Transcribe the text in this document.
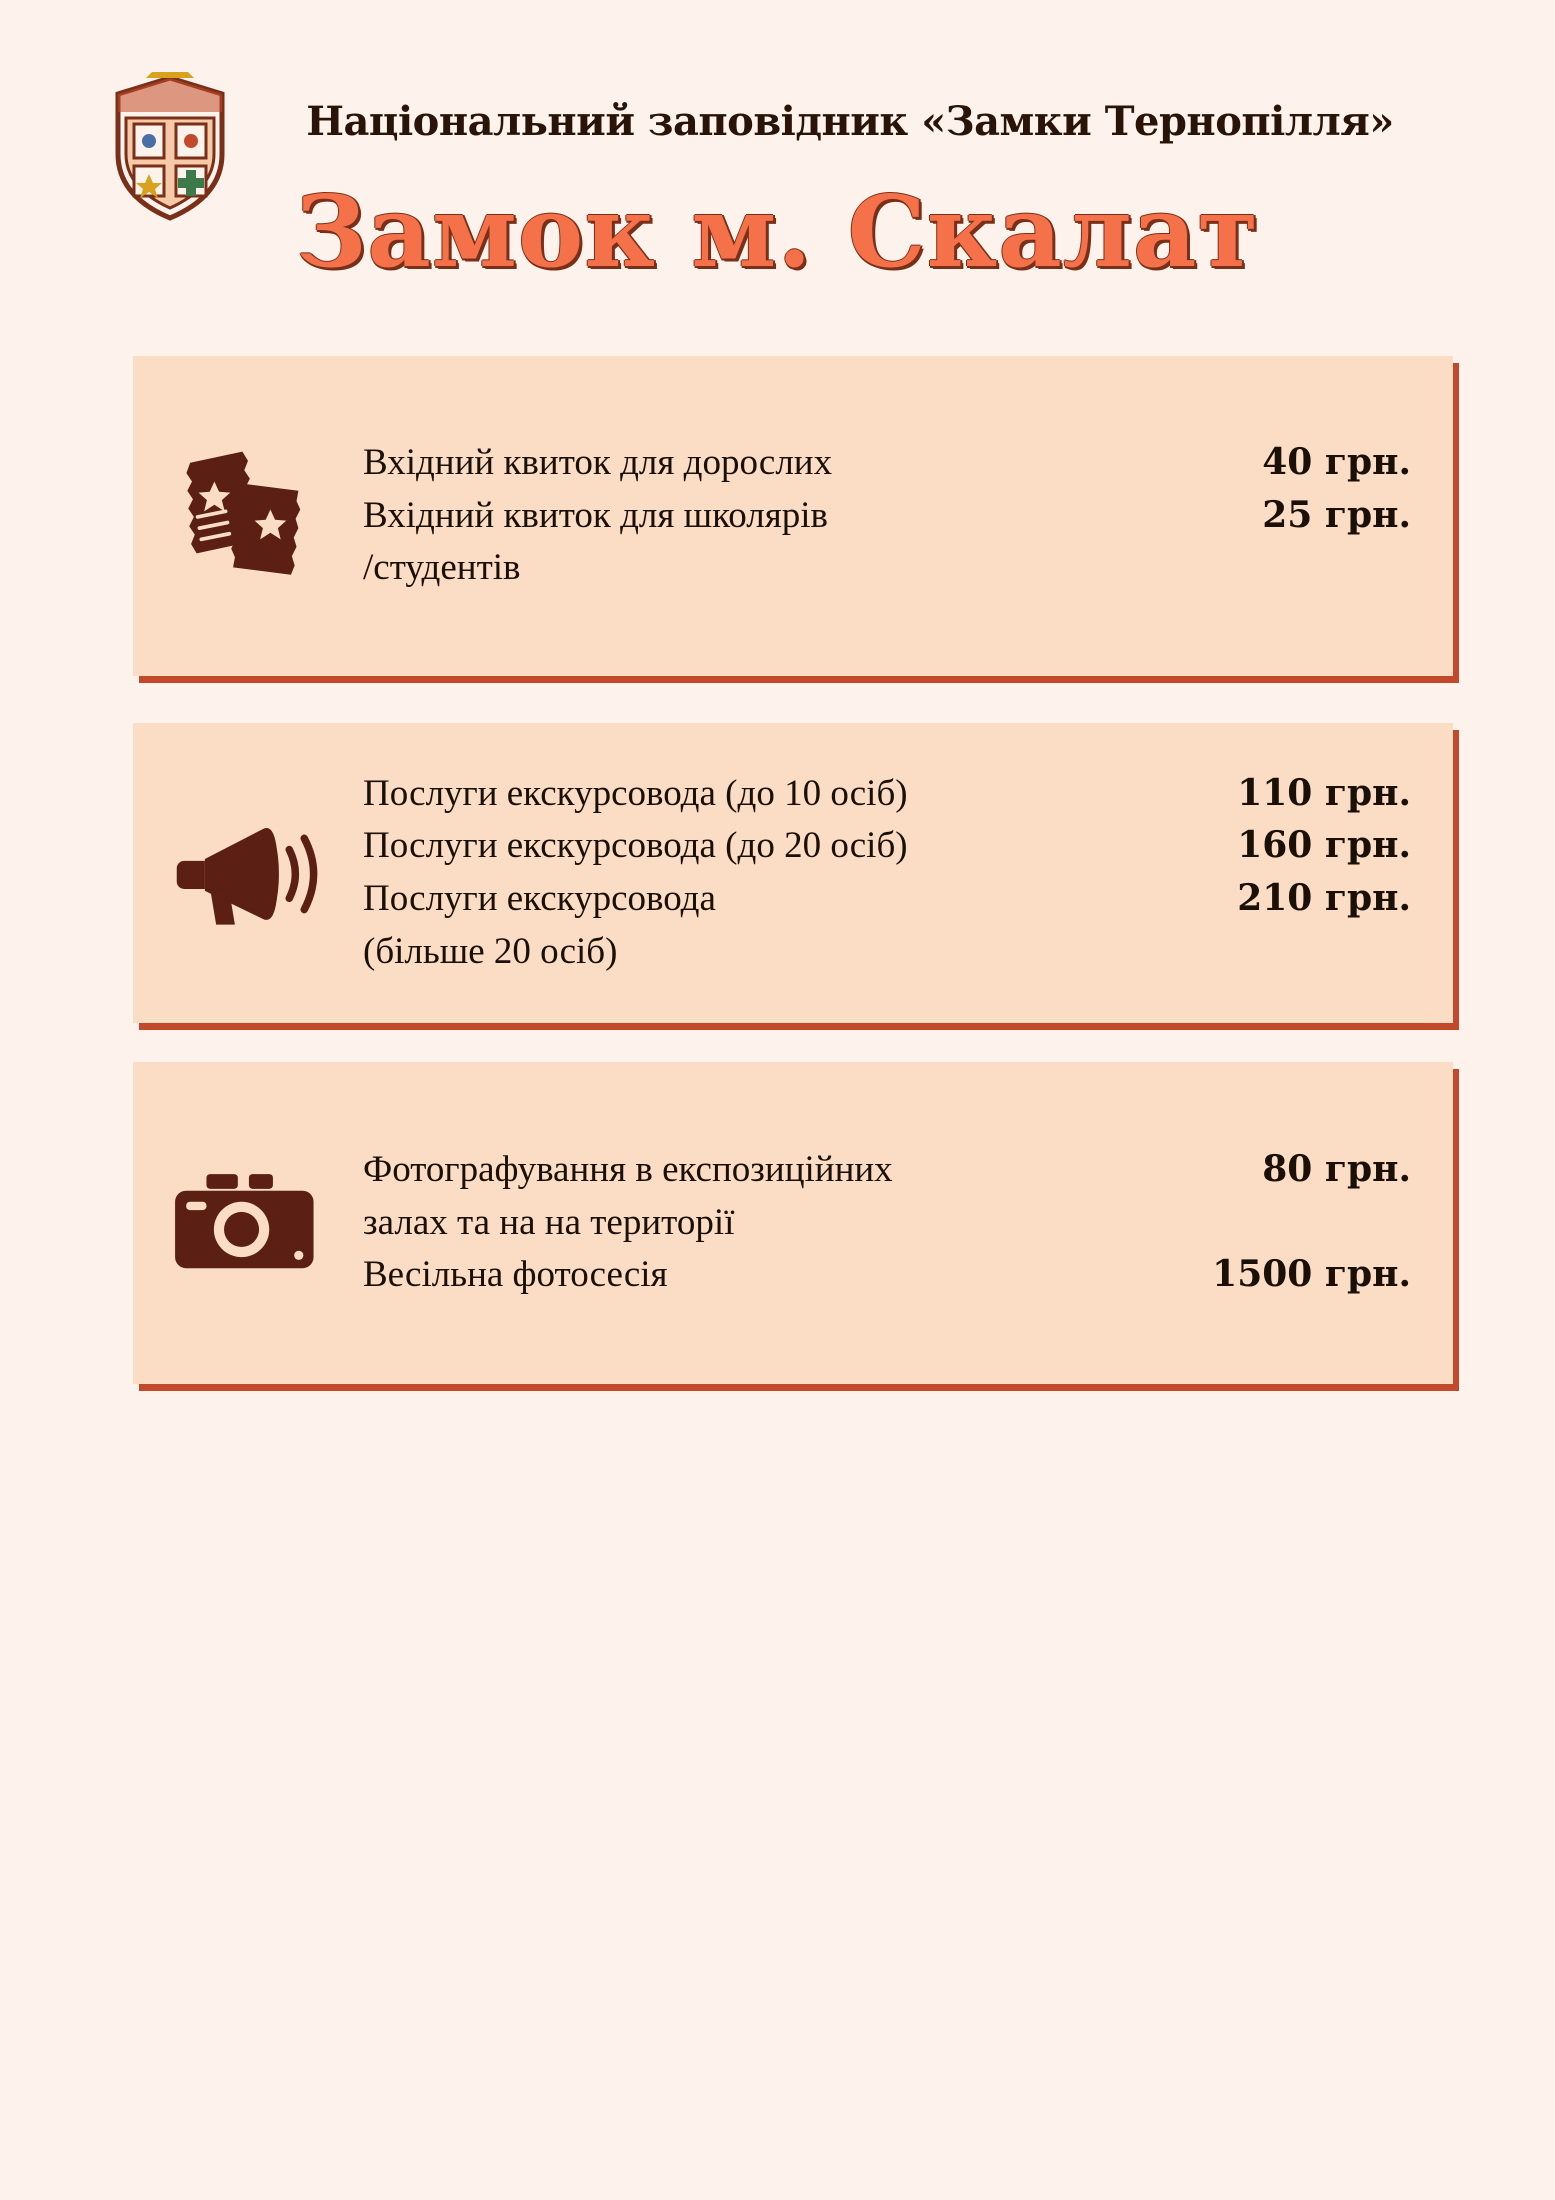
Національний заповідник «Замки Тернопілля»
Замок м. Скалат
Вхідний квиток для дорослих	40 грн.
Вхідний квиток для школярів	25 грн.
/студентів
Послуги екскурсовода (до 10 осіб)	110 грн.
Послуги екскурсовода (до 20 осіб)	160 грн.
Послуги екскурсовода	210 грн.
(більше 20 осіб)
Фотографування в експозиційних	80 грн.
залах та на на території
Весільна фотосесія	1500 грн.
